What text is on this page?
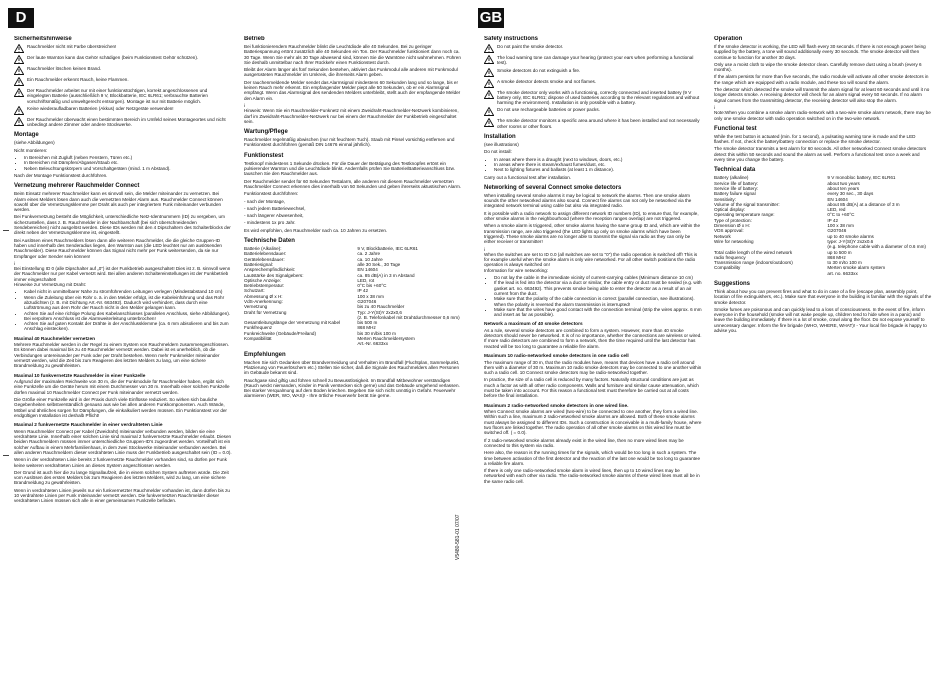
D	GB
Sicherheitshinweise
Rauchmelder nicht mit Farbe überstreichen!
Der laute Warnton kann das Gehör schädigen (beim Funktionstest Gehör schützen).
Rauchmelder löschen keinen Brand.
Ein Rauchmelder erkennt Rauch, keine Flammen.
Der Rauchmelder arbeitet nur mit einer funktionstüchtigen, korrekt angeschlossenen und eingelegten Batterie (ausschließlich 9 V, Blockbatterie, IEC 6LR61; verbrauchte Batterien vorschriftsmäßig und umweltgerecht entsorgen). Montage ist nur mit Batterie möglich.
Keine wiederaufladbaren Batterien (Akkus) oder Netzgeräte verwenden!
Der Rauchmelder überwacht einen bestimmten Bereich im Umfeld seines Montageortes und nicht unbedingt andere Zimmer oder andere Stockwerke.
Montage

(siehe Abbildungen)

Nicht montieren:

• In Bereichen mit Zugluft (neben Fenstern, Türen etc.)
• In Bereichen mit Dämpfen/Abgasen/Staub etc.
• Neben Beleuchtungskörpern und Vorschaltgeräten (mind. 1 m Abstand).

Nach der Montage Funktionstest durchführen.

Vernetzung mehrerer Rauchmelder Connect

Beim Einsatz mehrerer Rauchmelder kann es sinnvoll sein, die Melder miteinander zu vernetzen. Bei Alarm eines Melders lösen dann auch die vernetzten Melder Alarm aus. Rauchmelder Connect können sowohl über die Vernetzungsklemme per Draht als auch per integriertem Funk miteinander verbunden werden.

Bei Funkvernetzung besteht die Möglichkeit, unterschiedliche Netz-Identnummern (ID) zu vergeben, um sicherzustellen, dass z. B. Rauchmelder in der Nachbarschaft (bei sich überschneidenden Sendebereichen) nicht ausgelöst werden. Diese IDs werden mit den 4 Dipschaltern des Schalterblocks der direkt neben der Vernetzungsklemme ist, eingestellt.

Bei Auslösen eines Rauchmelders lösen dann alle weiteren Rauchmelder, die die gleiche Gruppen-ID haben und innerhalb des Senderadius liegen, den Warnton aus (die LED leuchtet nur am auslösenden Rauchmelder). Diese Rauchmelder können das Signal nicht mehr per Funk weitersenden, da sie nur Empfänger oder Sender sein können!

i
Bei Einstellung ID 0 (alle Dipschalter auf „0“) ist der Funkbetrieb ausgeschaltet! Dies ist z. B. sinnvoll wenn der Rauchmelder nur per Kabel vernetzt wird. Bei allen anderen Schaltereinstellungen ist der Funkbetrieb immer eingeschaltet!

Hinweise zur Vernetzung mit Draht:

• Kabel nicht in unmittelbarer Nähe zu stromführenden Leitungen verlegen (Mindestabstand 10 cm)
• Wenn die Zuleitung über ein Rohr o. ä. in den Melder erfolgt, ist die Kabeleinführung und das Rohr abzudichten (z. B. mit Dichtung Art.-Nr. 663492). Dadurch wird verhindert, dass durch eine Luftströmung aus dem Rohr der Rauch nicht in den Melder gelangen kann.
• Achten Sie auf eine richtige Polung des Kabelanschlusses (parallelen Anschluss, siehe Abbildungen). Bei verpoltem Anschluss ist die Alarmweiterleitung unterbrochen!
• Achten Sie auf guten Kontakt der Drähte in der Anschlussklemme (ca. 6 mm abisolieren und bis zum Anschlag einstecken).
Maximal 40 Rauchmelder vernetzen

Mehrere Rauchmelder werden in der Regel zu einem System von Rauchmeldern zusammengeschlossen. Es können dabei maximal bis zu 40 Rauchmelder vernetzt werden. Dabei ist es unerheblich, ob die Verbindungen untereinander per Funk oder per Draht bestehen. Wenn mehr Funkmelder miteinander vernetzt werden, wird die Zeit bis zum Reagieren des letzten Melders zu lang, um eine sichere Brandmeldung zu gewährleisten.

Maximal 10 funkvernetzte Rauchmelder in einer Funkzelle

Aufgrund der maximalen Reichweite von 30 m, die der Funkmodule für Rauchmelder haben, ergibt sich eine Funkzelle um die Geräte herum mit einem Durchmesser von 30 m. Innerhalb einer solchen Funkzelle dürfen maximal 10 Rauchmelder Connect per Funk miteinander vernetzt werden.

Die Größe einer Funkzelle wird in der Praxis durch viele Einflüsse reduziert. So wirken sich bauliche Gegebenheiten selbstverständlich genauso aus wie bei allen anderen Funkkomponenten. Auch Wände, Möbel und ähnliches sorgen für Dämpfungen, die einkalkuliert werden müssen. Ein Funktionstest vor der endgültigen Installation ist deshalb Pflicht!

Maximal 2 funkvernetzte Rauchmelder in einer verdrahteten Linie

Wenn Rauchmelder Connect per Kabel (Zweidraht) miteinander verbunden werden, bilden sie eine verdrahtete Linie. Innerhalb einer solchen Linie sind maximal 2 funkvernetzte Rauchmelder erlaubt. Diesen beiden Rauchmeldern müssen immer unterschiedliche Gruppen-ID's zugeordnet werden. Vorteilhaft ist ein solcher Aufbau in einem Mehrfamilienhaus, in dem zwei Stockwerke miteinander verbunden werden. Bei allen anderen Rauchmeldern dieser verdrahteten Linie muss der Funkbetrieb ausgeschaltet sein (ID = 0.0).

Wenn in der verdrahteten Linie bereits 2 funkvernetzte Rauchmelder vorhanden sind, so dürfen per Funk keine weiteren verdrahteten Linien an dieses System angeschlossen werden.

Der Grund ist auch hier die zu lange Signallaufzeit, die in einem solchen System auftreten würde. Die Zeit vom Auslösen des ersten Melders bis zum Reagieren des letzten Melders, wird zu lang, um eine sichere Brandmeldung zu gewährleisten.

Wenn in verdrahteten Linien jeweils nur ein funkvernetzter Rauchmelder vorhanden ist, dann dürfen bis zu 10 verdrahtete Linien per Funk miteinander vernetzt werden. Die funkvernetzten Rauchmelder dieser verdrahteten Linien müssen sich alle in einer gemeinsamen Funkzelle befinden.

Betrieb

Bei funktionierendem Rauchmelder blinkt die Leuchtdiode alle 40 Sekunden. Bei zu geringer Batteriespannung ertönt zusätzlich alle 40 Sekunden ein Ton. Der Rauchmelder funktioniert dann noch ca. 30 Tage. Wenn Sie mehr als 30 Tage abwesend sind, können Sie die Warntöne nicht wahrnehmen. Führen Sie deshalb unmittelbar nach Ihrer Rückkehr einen Funktionstest durch.

Bleibt der Alarm länger als fünf Sekunden bestehen, aktiviert das Funkmodul alle anderen mit Funkmodul ausgerüsteten Rauchmelder im Umkreis, die ihrerseits Alarm geben.

Der rauchenmeldende Melder sendet das Alarmsignal mindestens 60 Sekunden lang und so lange, bis er keinen Rauch mehr erkennt. Ein empfangender Melder piept alle 50 Sekunden, ob er ein Alarmsignal empfängt. Wenn das Alarmsignal des sendenden Melders unterbleibt, stellt auch der empfangende Melder den Alarm ein.

i
Hinweis: Wenn Sie ein Rauchmelder-Funknetz mit einem Zweidraht-Rauchmelder-Netzwerk kombinieren, darf im Zweidraht-Rauchmelder-Netzwerk nur bei einem der Rauchmelder der Funkbetrieb eingeschaltet sein.
Wartung/Pflege

Rauchmelder regelmäßig abwischen (nur mit feuchtem Tuch). Staub mit Pinsel vorsichtig entfernen und Funktionstest durchführen (gemäß DIN 14676 einmal jährlich).

Funktionstest

Testknopf mindestens 1 Sekunde drücken. Für die Dauer der Betätigung des Testknopfes ertönt ein pulsierender Warnton und die Leuchtdiode blinkt. Andernfalls prüfen Sie Batterie/Batterieanschluss bzw. tauschen Sie den Rauchmelder aus.

Der Rauchmelder sendet für 60 Sekunden Testalarm, alle anderen mit diesem Rauchmelder vernetzten Rauchmelder Connect erkennen dies innerhalb von 50 Sekunden und geben ihrerseits aktustischen Alarm.

Funktionstest durchführen:

- nach der Montage,

- nach jedem Batteriewechsel,

- nach längerer Abwesenheit,

- mindestens 1x pro Jahr.

Es wird empfohlen, den Rauchmelder nach ca. 10 Jahren zu ersetzen.

Technische Daten
Batterie (Alkaline):	9 V, Blockbatterie, IEC 6LR61
Batterielebensdauer:	ca. 2 Jahre
Gerätelebensdauer:	ca. 10 Jahre
Batteriesignal:	alle 30 Sek., 30 Tage
Ansprechempfindlichkeit:	EN 14604
Lautstärke des Signalgebers:	ca. 85 dB(A) in 3 m Abstand
Optische Anzeige:	LED, rot
Betriebstemperatur:	0°C bis +60°C
Schutzart:	IP 42
Abmessung Ø x H:	100 x 38 mm
VdS-Anerkennung:	G207046
Vernetzung	bis zu 40 Rauchmelder
Draht für Vernetzung	Typ: J-Y(St)Y 2x2x0,6
	(z. B. Telefonkabel mit Drahtdurchmesser 0,6 mm)
Gesamtleitungslänge der Vernetzung mit Kabel	bis 500 m
Funkfrequenz	868 MHz
Funkreichweite (Gebäude/Freiland)	bis 30 m/bis 100 m
Kompatibilität	Merten Rauchmeldersystem
	Art.-Nr. 6633xx
Empfehlungen

Machen Sie sich Gedanken über Brandvermeidung und Verhalten im Brandfall (Fluchtplan, Sammelpunkt, Platzierung von Feuerlöschern etc.) Stellen Sie sicher, daß die Signale des Rauchmelders allen Personen im Gebäude bekannt sind.

Rauchgase sind giftig und führen schnell zu Bewusstlosigkeit. Im Brandfall Mitbewohner verständigen (Rauch weckt niemanden, Kinder in Panik verstecken sich gerne) und das Gebäude umgehend verlassen. Bei starker Verqualmung auf dem Boden kriechen. Begeben Sie sich nicht unnötig in Gefahr. Feuerwehr alarmieren (WER, WO, WAS)! - Ihre örtliche Feuerwehr berät Sie gerne.

Safety instructions
Do not paint the smoke detector.
The loud warning tone can damage your hearing (protect your ears when performing a functional test).
Smoke detectors do not extinguish a fire.
A smoke detector detects smoke and not flames.
The smoke detector only works with a functioning, correctly connected and inserted battery (9 V battery only, IEC 6LR61; dispose of used batteries according to the relevant regulations and without harming the environment). Installation is only possible with a battery.
Do not use rechargeable batteries or power packs.
The smoke detector monitors a specific area around where it has been installed and not necessarily other rooms or other floors.
Installation

(see illustrations)

Do not install:

• In areas where there is a draught (next to windows, doors, etc.)
• In areas where there is steam/exhaust fumes/dust, etc.
• Next to lighting fixtures and ballasts (at least 1 m distance).

Carry out a functional test after installation.

Networking of several Connect smoke detectors

When installing several smoke alarms it may be logical to network the alarms. Then one smoke alarm sounds the other networked alarms also sound. Connect fire alarms can not only be networked via the integrated network terminal using cable but also via integrated radio.

It is possible with a radio network to assign different network ID numbers (ID), to ensure that, for example, other smoke alarms in the neighbourhood (where the reception ranges overlap) are not triggered.

When a smoke alarm is triggered, other smoke alarms having the same group ID and, which are within the transmission range, are also triggered (the LED lights up only on smoke alarms which have been triggered). These smoke alarms are no longer able to transmit the signal via radio as they can only be either receiver or transmitter!

i
When the switches are set to ID 0.0 (all switches are set to "0") the radio operation is switched off! This is for example useful when the smoke alarm is only wire networked. For all other switch positions the radio operation is always switched on!

Information for wire networking:

• Do not lay the cable in the immediate vicinity of current-carrying cables (Minimum distance 10 cm)
• If the lead is fed into the detector via a duct or similar, the cable entry or duct must be sealed (e.g. with gasket art. no. 663492). This prevents smoke being able to enter the detector as a result of an air current from the duct.
• Make sure that the polarity of the cable connection is correct (parallel connection, see illustrations). When the polarity is reversed the alarm transmission is interrupted!
• Make sure that the wires have good contact with the connection terminal (strip the wires approx. 6 mm and insert as far as possible).
Network a maximum of 40 smoke detectors

As a rule, several smoke detectors are combined to form a system. However, more than 40 smoke detectors should never be networked. It is of no importance, whether the connections are wireless or wired. If more radio detectors are combined to form a network, then the time required until the last detector has reacted will be too long to guarantee a reliable fire alarm.

Maximum 10 radio-networked smoke detectors in one radio cell

The maximum range of 30 m, that the radio modules have, means that devices have a radio cell around them with a diameter of 30 m. Maximum 10 radio smoke detectors may be connected to one another within such a radio cell. 10 Connect smoke detectors may be radio-networked together.

In practice, the size of a radio cell is reduced by many factors. Naturally structural conditions are just as much a factor as with all other radio components. Walls and furniture and similar cause attenuation, which must be taken into account. For this reason a functional test must therefore be carried out at all costs before the final installation.

Maximum 2 radio-networked smoke detectors in one wired line.

When Connect smoke alarms are wired (two-wire) to be connected to one another, they form a wired line. Within such a line, maximum 2 radio-networked smoke alarms are allowed. Both of these smoke alarms must always be assigned to different IDs. Such a construction is conceivable in a multi-family house, where two floors are linked together. The radio operation of all other smoke alarms on this wired line must be switched off. ( = 0.0).

If 2 radio-networked smoke alarms already exist in the wired line, then no more wired lines may be connected to this system via radio.

Here also, the reason is the running times for the signals, which would be too long in such a system. The time between activation of the first detector and the reaction of the last one would be too long to guarantee a reliable fire alarm.

If there is only one radio-networked smoke alarm in wired lines, then up to 10 wired lines may be networked with each other via radio. The radio-networked smoke alarms of these wired lines must all be in the same radio cell.

Operation

If the smoke detector is working, the LED will flash every 30 seconds. If there is not enough power being supplied by the battery, a tone will sound additionally every 30 seconds. The smoke detector will then continue to function for another 30 days.

Only use a moist cloth to wipe the smoke detector clean. Carefully remove dust using a brush (every 6 months).

If the alarm persists for more than five seconds, the radio module will activate all other smoke detectors in the range which are equipped with a radio module, and these too will sound the alarm.

The detector which detected the smoke will transmit the alarm signal for at least 60 seconds and until it no longer detects smoke. A receiving detector will check for an alarm signal every 50 seconds. If no alarm signal comes from the transmitting detector, the receiving detector will also stop the alarm.

i
Note:When you combine a smoke alarm radio-network with a two-wire smoke alarm network, there may be only one smoke detector with radio operation switched on in the two-wire network.
Functional test

While the test button is actuated (min. for 1 second), a pulsating warning tone is made and the LED flashes. If not, check the battery/battery connection or replace the smoke detector.

The smoke detector transmits a test alarm for 60 seconds. All other networked Connect smoke detectors detect this within 50 seconds and sound the alarm as well. Perform a functional test once a week and every time you change the battery.

Technical data
Battery (alkaline)	9 V monobloc battery, IEC 6LR61
Service life of battery:	about two years
Service life of battery:	about ten years
Battery failure signal	every 30 sec., 30 days
Sensitivity:	EN 14604
Volume of the signal transmitter:	about 85 dB(A) at a distance of 3 m
Optical display:	LED, red
Operating temperature range:	0°C to +60°C
Type of protection:	IP 42
Dimension Ø x H:	100 x 38 mm
VDS approval:	G207046
Network	up to 40 smoke alarms
Wire for networking	type: J-Y(St)Y 2x2x0.6
	(e.g. telephone cable with a diameter of 0.6 mm)
Total cable length of the wired network	up to 500 m
radio frequency	868 MHz
Transmission range (indoors/outdoors)	to 30 m/to 100 m
Compatibility	Merten smoke alarm system
	art. no. 6633xx
Suggestions

Think about how you can prevent fires and what to do in case of a fire (escape plan, assembly point, location of fire extinguishers, etc.). Make sure that everyone in the building is familiar with the signals of the smoke detector.

Smoke fumes are poisonous and can quickly lead to a loss of consciousness. In the event of fire, inform everyone in the household (smoke will not wake people up, children tend to hide when in a panic) and leave the building immediately. If there is a lot of smoke, crawl along the floor. Do not expose yourself to unnecessary danger. Inform the fire brigade (WHO, WHERE, WHAT)! - Your local fire brigade is happy to advise you.

V5480-581-01 07/07
